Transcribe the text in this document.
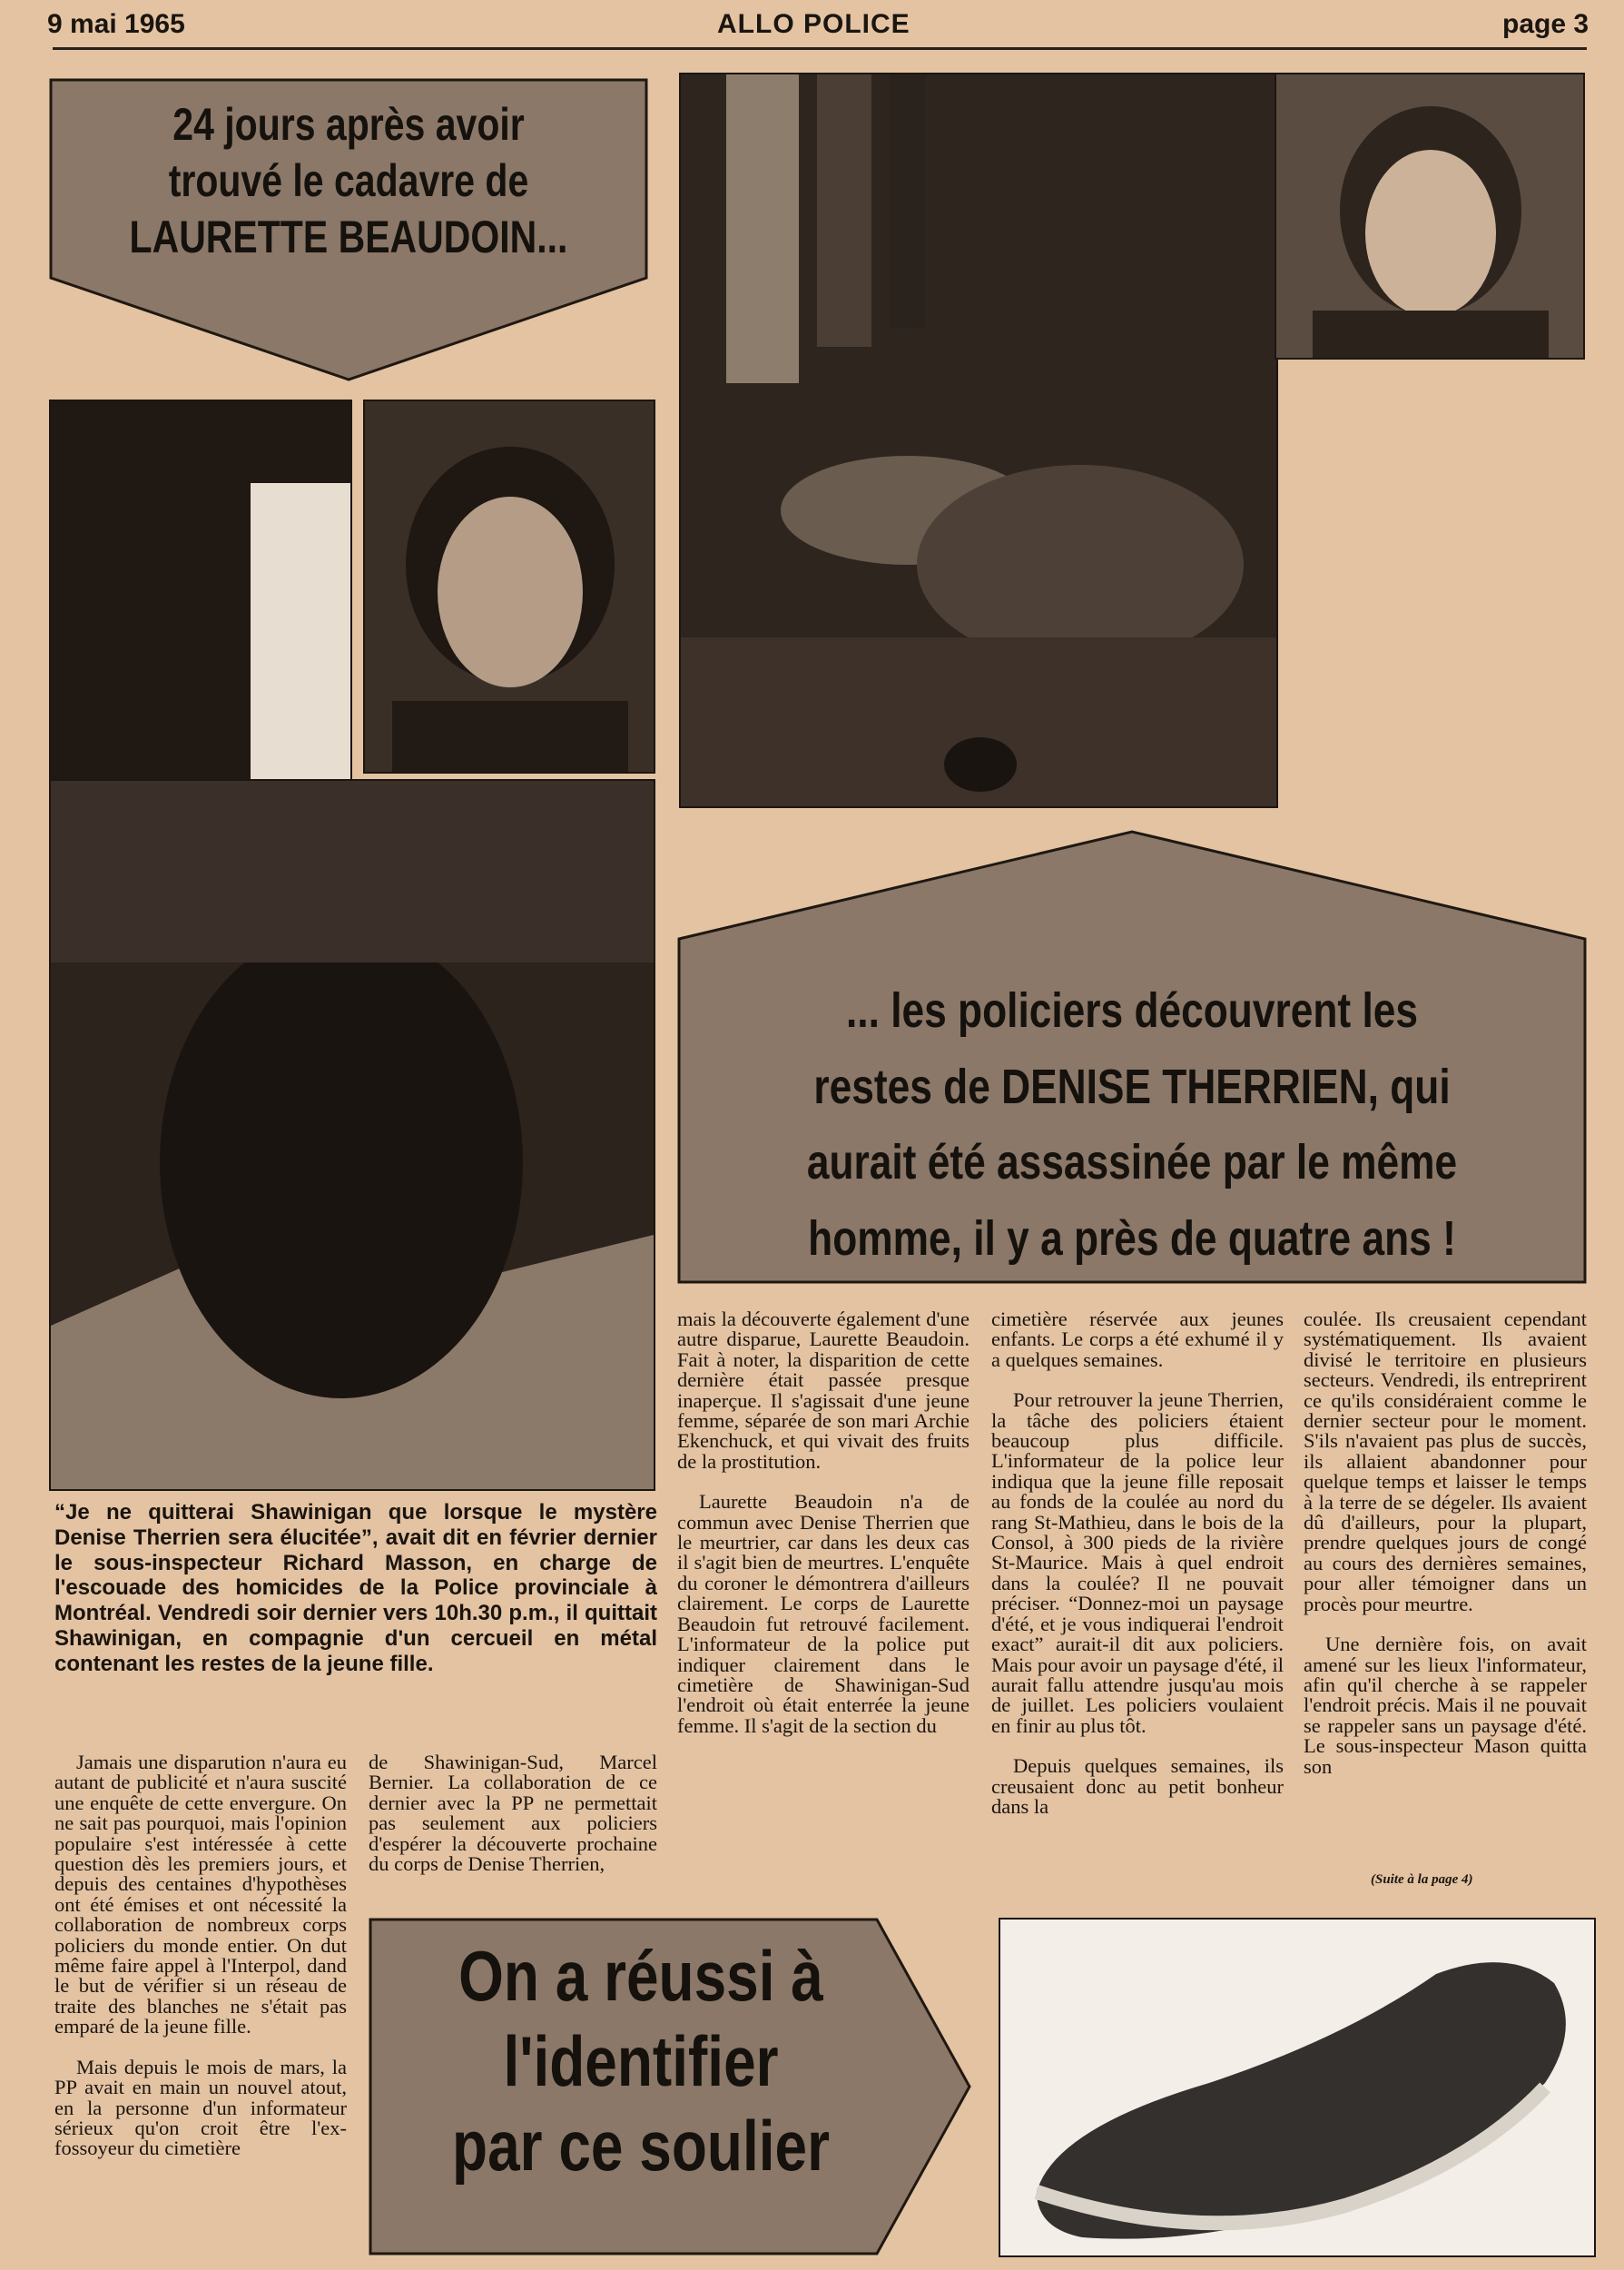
9 mai 1965	ALLO POLICE	page 3
24 jours après avoir
trouvé le cadavre de
LAURETTE BEAUDOIN...
... les policiers découvrent les
restes de DENISE THERRIEN, qui
aurait été assassinée par le même
homme, il y a près de quatre ans !
On a réussi à
l'identifier
par ce soulier
“Je ne quitterai Shawinigan que lorsque le mystère Denise Therrien sera élucitée”, avait dit en février dernier le sous-inspecteur Richard Masson, en charge de l'escouade des homicides de la Police provinciale à Montréal. Vendredi soir dernier vers 10h.30 p.m., il quittait Shawinigan, en compagnie d'un cercueil en métal contenant les restes de la jeune fille.

Jamais une disparution n'aura eu autant de publicité et n'aura suscité une enquête de cette envergure. On ne sait pas pourquoi, mais l'opinion populaire s'est intéressée à cette question dès les premiers jours, et depuis des centaines d'hypothèses ont été émises et ont nécessité la collaboration de nombreux corps policiers du monde entier. On dut même faire appel à l'Interpol, dand le but de vérifier si un réseau de traite des blanches ne s'était pas emparé de la jeune fille.

Mais depuis le mois de mars, la PP avait en main un nouvel atout, en la personne d'un informateur sérieux qu'on croit être l'ex-fossoyeur du cimetière

de Shawinigan-Sud, Marcel Bernier. La collaboration de ce dernier avec la PP ne permettait pas seulement aux policiers d'espérer la découverte prochaine du corps de Denise Therrien,

mais la découverte également d'une autre disparue, Laurette Beaudoin. Fait à noter, la disparition de cette dernière était passée presque inaperçue. Il s'agissait d'une jeune femme, séparée de son mari Archie Ekenchuck, et qui vivait des fruits de la prostitution.

Laurette Beaudoin n'a de commun avec Denise Therrien que le meurtrier, car dans les deux cas il s'agit bien de meurtres. L'enquête du coroner le démontrera d'ailleurs clairement. Le corps de Laurette Beaudoin fut retrouvé facilement. L'informateur de la police put indiquer clairement dans le cimetière de Shawinigan-Sud l'endroit où était enterrée la jeune femme. Il s'agit de la section du

cimetière réservée aux jeunes enfants. Le corps a été exhumé il y a quelques semaines.

Pour retrouver la jeune Therrien, la tâche des policiers étaient beaucoup plus difficile. L'informateur de la police leur indiqua que la jeune fille reposait au fonds de la coulée au nord du rang St-Mathieu, dans le bois de la Consol, à 300 pieds de la rivière St-Maurice. Mais à quel endroit dans la coulée? Il ne pouvait préciser. “Donnez-moi un paysage d'été, et je vous indiquerai l'endroit exact” aurait-il dit aux policiers. Mais pour avoir un paysage d'été, il aurait fallu attendre jusqu'au mois de juillet. Les policiers voulaient en finir au plus tôt.

Depuis quelques semaines, ils creusaient donc au petit bonheur dans la

coulée. Ils creusaient cependant systématiquement. Ils avaient divisé le territoire en plusieurs secteurs. Vendredi, ils entreprirent ce qu'ils considéraient comme le dernier secteur pour le moment. S'ils n'avaient pas plus de succès, ils allaient abandonner pour quelque temps et laisser le temps à la terre de se dégeler. Ils avaient dû d'ailleurs, pour la plupart, prendre quelques jours de congé au cours des dernières semaines, pour aller témoigner dans un procès pour meurtre.

Une dernière fois, on avait amené sur les lieux l'informateur, afin qu'il cherche à se rappeler l'endroit précis. Mais il ne pouvait se rappeler sans un paysage d'été. Le sous-inspecteur Mason quitta son

(Suite à la page 4)
